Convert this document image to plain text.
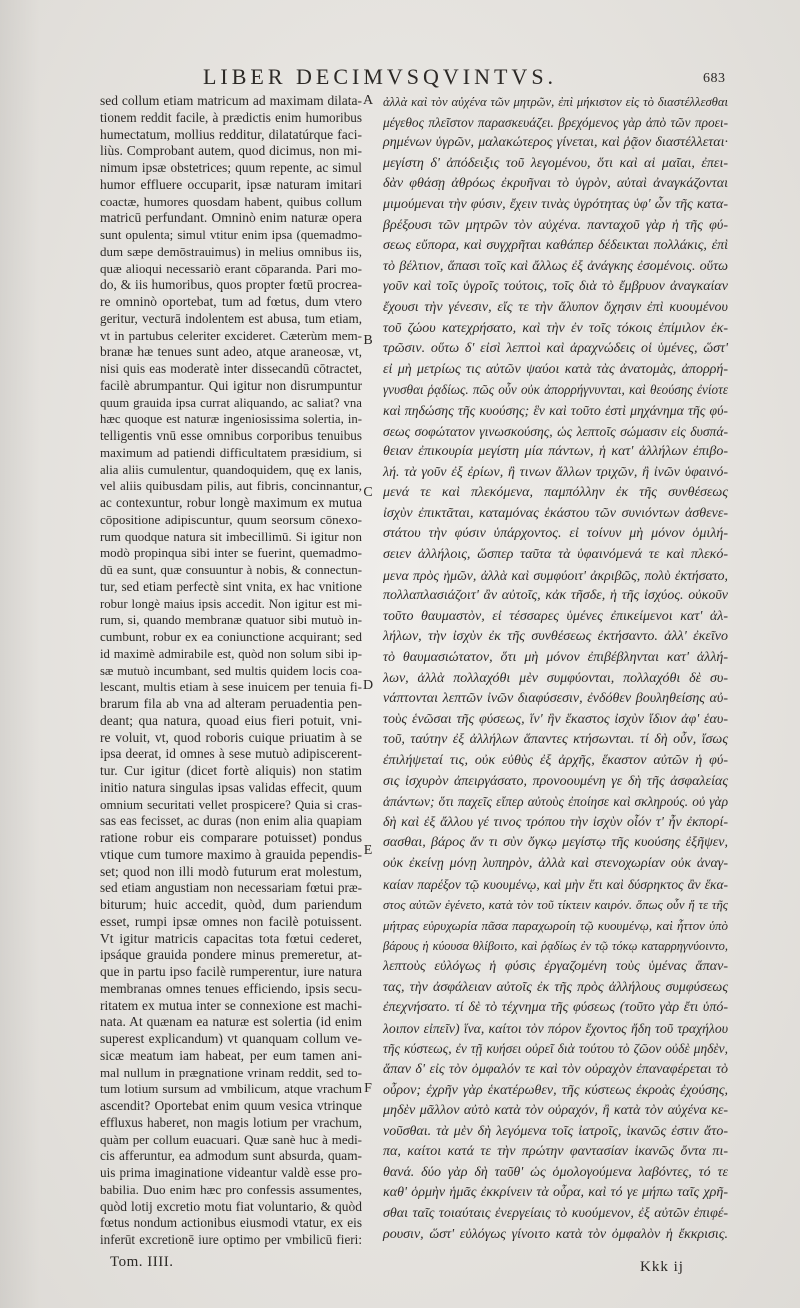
LIBER DECIMVSQVINTVS.	683
sed collum etiam matricum ad maximam dilata-
tionem reddit facile, à prædictis enim humoribus
humectatum, mollius redditur, dilatatúrque faci-
liùs. Comprobant autem, quod dicimus, non mi-
nimum ipsæ obstetrices; quum repente, ac simul
humor effluere occuparit, ipsæ naturam imitari
coactæ, humores quosdam habent, quibus collum
matricū perfundant. Omninò enim naturæ opera
sunt opulenta; simul vtitur enim ipsa (quemadmo-
dum sæpe demōstrauimus) in melius omnibus iis,
quæ alioqui necessariò erant cōparanda. Pari mo-
do, & iis humoribus, quos propter fœtū procrea-
re omninò oportebat, tum ad fœtus, dum vtero
geritur, vecturā indolentem est abusa, tum etiam,
vt in partubus celeriter excideret. Cæterùm mem-
branæ hæ tenues sunt adeo, atque araneosæ, vt,
nisi quis eas moderatè inter dissecandū cōtractet,
facilè abrumpantur. Qui igitur non disrumpuntur
quum grauida ipsa currat aliquando, ac saliat? vna
hæc quoque est naturæ ingeniosissima solertia, in-
telligentis vnū esse omnibus corporibus tenuibus
maximum ad patiendi difficultatem præsidium, si
alia aliis cumulentur, quandoquidem, quę ex lanis,
vel aliis quibusdam pilis, aut fibris, concinnantur,
ac contexuntur, robur longè maximum ex mutua
cōpositione adipiscuntur, quum seorsum cōnexo-
rum quodque natura sit imbecillimū. Si igitur non
modò propinqua sibi inter se fuerint, quemadmo-
dū ea sunt, quæ consuuntur à nobis, & connectun-
tur, sed etiam perfectè sint vnita, ex hac vnitione
robur longè maius ipsis accedit. Non igitur est mi-
rum, si, quando membranæ quatuor sibi mutuò in-
cumbunt, robur ex ea coniunctione acquirant; sed
id maximè admirabile est, quòd non solum sibi ip-
sæ mutuò incumbant, sed multis quidem locis coa-
lescant, multis etiam à sese inuicem per tenuia fi-
brarum fila ab vna ad alteram peruadentia pen-
deant; qua natura, quoad eius fieri potuit, vni-
re voluit, vt, quod roboris cuique priuatim à se
ipsa deerat, id omnes à sese mutuò adipiscerent-
tur. Cur igitur (dicet fortè aliquis) non statim
initio natura singulas ipsas validas effecit, quum
omnium securitati vellet prospicere? Quia si cras-
sas eas fecisset, ac duras (non enim alia quapiam
ratione robur eis comparare potuisset) pondus
vtique cum tumore maximo à grauida pependis-
set; quod non illi modò futurum erat molestum,
sed etiam angustiam non necessariam fœtui præ-
biturum; huic accedit, quòd, dum pariendum
esset, rumpi ipsæ omnes non facilè potuissent.
Vt igitur matricis capacitas tota fœtui cederet,
ipsáque grauida pondere minus premeretur, at-
que in partu ipso facilè rumperentur, iure natura
membranas omnes tenues efficiendo, ipsis secu-
ritatem ex mutua inter se connexione est machi-
nata. At quænam ea naturæ est solertia (id enim
superest explicandum) vt quanquam collum ve-
sicæ meatum iam habeat, per eum tamen ani-
mal nullum in prægnatione vrinam reddit, sed to-
tum lotium sursum ad vmbilicum, atque vrachum
ascendit? Oportebat enim quum vesica vtrinque
effluxus haberet, non magis lotium per vrachum,
quàm per collum euacuari. Quæ sanè huc à medi-
cis afferuntur, ea admodum sunt absurda, quam-
uis prima imaginatione videantur valdè esse pro-
babilia. Duo enim hæc pro confessis assumentes,
quòd lotij excretio motu fiat voluntario, & quòd
fœtus nondum actionibus eiusmodi vtatur, ex eis
inferūt excretionē iure optimo per vmbilicū fieri:
A
B
C
D
E
F
ἀλλὰ καὶ τὸν αὐχένα τῶν μητρῶν, ἐπὶ μήκιστον εἰς τὸ διαστέλλεσθαι
μέγεθος πλεῖστον παρασκευάζει. βρεχόμενος γὰρ ἀπὸ τῶν προει-
ρημένων ὑγρῶν, μαλακώτερος γίνεται, καὶ ῥᾷον διαστέλλεται·
μεγίστη δ' ἀπόδειξις τοῦ λεγομένου, ὅτι καὶ αἱ μαῖαι, ἐπει-
δὰν φθάσῃ ἀθρόως ἐκρυῆναι τὸ ὑγρὸν, αὐταὶ ἀναγκάζονται
μιμούμεναι τὴν φύσιν, ἔχειν τινὰς ὑγρότητας ὑφ' ὧν τῆς κατα-
βρέξουσι τῶν μητρῶν τὸν αὐχένα. πανταχοῦ γὰρ ἡ τῆς φύ-
σεως εὔπορα, καὶ συγχρῆται καθάπερ δέδεικται πολλάκις, ἐπὶ
τὸ βέλτιον, ἅπασι τοῖς καὶ ἄλλως ἐξ ἀνάγκης ἐσομένοις. οὕτω
γοῦν καὶ τοῖς ὑγροῖς τούτοις, τοῖς διὰ τὸ ἔμβρυον ἀναγκαίαν
ἔχουσι τὴν γένεσιν, εἴς τε τὴν ἄλυπον ὄχησιν ἐπὶ κυουμένου
τοῦ ζώου κατεχρήσατο, καὶ τὴν ἐν τοῖς τόκοις ἐπίμιλον ἐκ-
τρῶσιν. οὕτω δ' εἰσὶ λεπτοὶ καὶ ἀραχνώδεις οἱ ὑμένες, ὥστ'
εἰ μὴ μετρίως τις αὐτῶν ψαύοι κατὰ τὰς ἀνατομὰς, ἀπορρή-
γνυσθαι ῥᾳδίως. πῶς οὖν οὐκ ἀπορρήγνυνται, καὶ θεούσης ἐνίοτε
καὶ πηδώσης τῆς κυούσης; ἓν καὶ τοῦτο ἐστὶ μηχάνημα τῆς φύ-
σεως σοφώτατον γινωσκούσης, ὡς λεπτοῖς σώμασιν εἰς δυσπά-
θειαν ἐπικουρία μεγίστη μία πάντων, ἡ κατ' ἀλλήλων ἐπιβο-
λή. τὰ γοῦν ἐξ ἐρίων, ἢ τινων ἄλλων τριχῶν, ἢ ἰνῶν ὑφαινό-
μενά τε καὶ πλεκόμενα, παμπόλλην ἐκ τῆς συνθέσεως
ἰσχὺν ἐπικτᾶται, καταμόνας ἑκάστου τῶν συνιόντων ἀσθενε-
στάτου τὴν φύσιν ὑπάρχοντος. εἰ τοίνυν μὴ μόνον ὁμιλή-
σειεν ἀλλήλοις, ὥσπερ ταῦτα τὰ ὑφαινόμενά τε καὶ πλεκό-
μενα πρὸς ἡμῶν, ἀλλὰ καὶ συμφύοιτ' ἀκριβῶς, πολὺ ἐκτήσατο,
πολλαπλασιάζοιτ' ἂν αὐτοῖς, κἀκ τῆσδε, ἡ τῆς ἰσχύος. οὐκοῦν
τοῦτο θαυμαστὸν, εἰ τέσσαρες ὑμένες ἐπικείμενοι κατ' ἀλ-
λήλων, τὴν ἰσχὺν ἐκ τῆς συνθέσεως ἐκτήσαντο. ἀλλ' ἐκεῖνο
τὸ θαυμασιώτατον, ὅτι μὴ μόνον ἐπιβέβληνται κατ' ἀλλή-
λων, ἀλλὰ πολλαχόθι μὲν συμφύονται, πολλαχόθι δὲ συ-
νάπτονται λεπτῶν ἰνῶν διαφύσεσιν, ἐνδόθεν βουληθείσης αὐ-
τοὺς ἑνῶσαι τῆς φύσεως, ἵν' ἣν ἕκαστος ἰσχὺν ἴδιον ἀφ' ἑαυ-
τοῦ, ταύτην ἐξ ἀλλήλων ἅπαντες κτήσωνται. τί δὴ οὖν, ἴσως
ἐπιλήψεταί τις, οὐκ εὐθὺς ἐξ ἀρχῆς, ἕκαστον αὐτῶν ἡ φύ-
σις ἰσχυρὸν ἀπειργάσατο, προνοουμένη γε δὴ τῆς ἀσφαλείας
ἁπάντων; ὅτι παχεῖς εἴπερ αὐτοὺς ἐποίησε καὶ σκληρούς. οὐ γὰρ
δὴ καὶ ἐξ ἄλλου γέ τινος τρόπου τὴν ἰσχὺν οἷόν τ' ἦν ἐκπορί-
σασθαι, βάρος ἄν τι σὺν ὄγκῳ μεγίστῳ τῆς κυούσης ἐξῆψεν,
οὐκ ἐκείνῃ μόνῃ λυπηρὸν, ἀλλὰ καὶ στενοχωρίαν οὐκ ἀναγ-
καίαν παρέξον τῷ κυουμένῳ, καὶ μὴν ἔτι καὶ δύσρηκτος ἂν ἕκα-
στος αὐτῶν ἐγένετο, κατὰ τὸν τοῦ τίκτειν καιρόν. ὅπως οὖν ἥ τε τῆς
μήτρας εὐρυχωρία πᾶσα παραχωροίη τῷ κυουμένῳ, καὶ ἧττον ὑπὸ
βάρους ἡ κύουσα θλίβοιτο, καὶ ῥᾳδίως ἐν τῷ τόκῳ καταρρηγνύοιντο,
λεπτοὺς εὐλόγως ἡ φύσις ἐργαζομένη τοὺς ὑμένας ἅπαν-
τας, τὴν ἀσφάλειαν αὐτοῖς ἐκ τῆς πρὸς ἀλλήλους συμφύσεως
ἐπεχνήσατο. τί δὲ τὸ τέχνημα τῆς φύσεως (τοῦτο γὰρ ἔτι ὑπό-
λοιπον εἰπεῖν) ἵνα, καίτοι τὸν πόρον ἔχοντος ἤδη τοῦ τραχήλου
τῆς κύστεως, ἐν τῇ κυήσει οὐρεῖ διὰ τούτου τὸ ζῶον οὐδὲ μηδὲν,
ἅπαν δ' εἰς τὸν ὀμφαλόν τε καὶ τὸν οὐραχὸν ἐπαναφέρεται τὸ
οὖρον; ἐχρῆν γὰρ ἑκατέρωθεν, τῆς κύστεως ἐκροὰς ἐχούσης,
μηδὲν μᾶλλον αὐτὸ κατὰ τὸν οὐραχόν, ἢ κατὰ τὸν αὐχένα κε-
νοῦσθαι. τὰ μὲν δὴ λεγόμενα τοῖς ἰατροῖς, ἱκανῶς ἐστιν ἄτο-
πα, καίτοι κατά τε τὴν πρώτην φαντασίαν ἱκανῶς ὄντα πι-
θανά. δύο γὰρ δὴ ταῦθ' ὡς ὁμολογούμενα λαβόντες, τό τε
καθ' ὁρμὴν ἡμᾶς ἐκκρίνειν τὰ οὖρα, καὶ τό γε μήπω ταῖς χρῆ-
σθαι ταῖς τοιαύταις ἐνεργείαις τὸ κυούμενον, ἐξ αὐτῶν ἐπιφέ-
ρουσιν, ὥστ' εὐλόγως γίνοιτο κατὰ τὸν ὀμφαλὸν ἡ ἔκκρισις.
Tom. IIII.	Kkk ij
